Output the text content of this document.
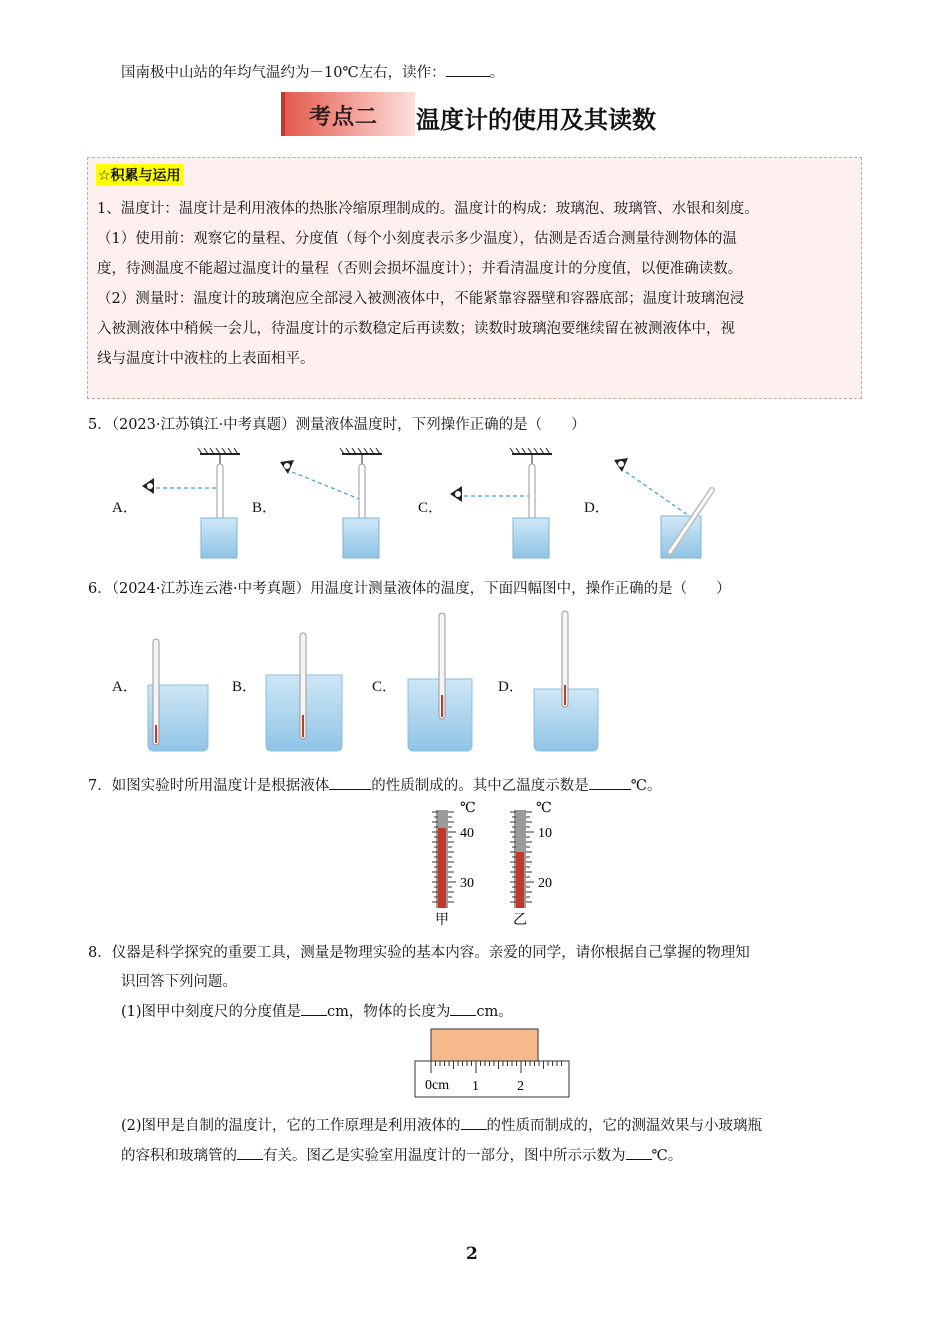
国南极中山站的年均气温约为－10℃左右，读作：	。
考点二 温度计的使用及其读数
☆积累与运用
1、温度计：温度计是利用液体的热胀冷缩原理制成的。温度计的构成：玻璃泡、玻璃管、水银和刻度。
（1）使用前：观察它的量程、分度值（每个小刻度表示多少温度），估测是否适合测量待测物体的温
度，待测温度不能超过温度计的量程（否则会损坏温度计）；并看清温度计的分度值，以便准确读数。
（2）测量时：温度计的玻璃泡应全部浸入被测液体中，不能紧靠容器壁和容器底部；温度计玻璃泡浸
入被测液体中稍候一会儿，待温度计的示数稳定后再读数；读数时玻璃泡要继续留在被测液体中，视
线与温度计中液柱的上表面相平。
5．（2023·江苏镇江·中考真题）测量液体温度时，下列操作正确的是（　　）
A．	B．	C．	D．
6．（2024·江苏连云港·中考真题）用温度计测量液体的温度，下面四幅图中，操作正确的是（　　）
A．	B．	C．	D．
7．如图实验时所用温度计是根据液体	的性质制成的。其中乙温度示数是	℃。
℃
40
30
甲
℃
10
20
乙
8．仪器是科学探究的重要工具，测量是物理实验的基本内容。亲爱的同学，请你根据自己掌握的物理知
识回答下列问题。
(1)图甲中刻度尺的分度值是 cm，物体的长度为 cm。
0cm 1	2
(2)图甲是自制的温度计，它的工作原理是利用液体的 的性质而制成的，它的测温效果与小玻璃瓶
的容积和玻璃管的 有关。图乙是实验室用温度计的一部分，图中所示示数为 ℃。
2
